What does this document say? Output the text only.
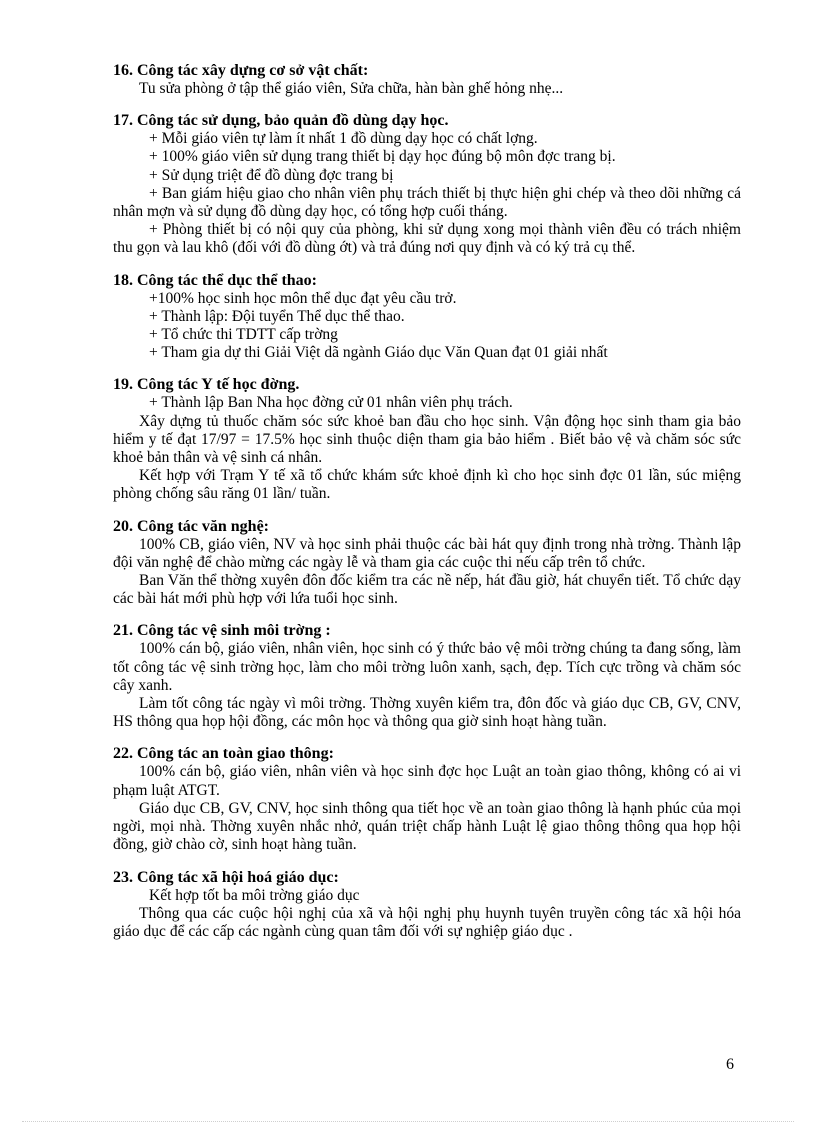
16. Công tác xây dựng cơ sở vật chất:

Tu sửa phòng ở tập thể giáo viên, Sửa chữa, hàn bàn ghế hỏng nhẹ...

17. Công tác sử dụng, bảo quản đồ dùng dạy học.

+ Mỗi giáo viên tự làm ít nhất 1 đồ dùng dạy học có chất lợng.

+ 100% giáo viên sử dụng trang thiết bị dạy học đúng bộ môn đợc trang bị.

+ Sử dụng triệt để đồ dùng đợc trang bị

+ Ban giám hiệu giao cho nhân viên phụ trách thiết bị thực hiện ghi chép và theo dõi những cá nhân mợn và sử dụng đồ dùng dạy học, có tổng hợp cuối tháng.

+ Phòng thiết bị có nội quy của phòng, khi sử dụng xong mọi thành viên đều có trách nhiệm thu gọn và lau khô (đối với đồ dùng ớt) và trả đúng nơi quy định và có ký trả cụ thể.

18. Công tác thể dục thể thao:

+100% học sinh học môn thể dục đạt yêu cầu trở.

+ Thành lập: Đội tuyển Thể dục thể thao.

+ Tổ chức thi TDTT cấp trờng

+ Tham gia dự thi Giải Việt dã ngành Giáo dục Văn Quan đạt 01 giải nhất

19. Công tác Y tế học đờng.

+ Thành lập Ban Nha học đờng cử 01 nhân viên phụ trách.

Xây dựng tủ thuốc chăm sóc sức khoẻ ban đầu cho học sinh. Vận động học sinh tham gia bảo hiểm y tế đạt 17/97 = 17.5% học sinh thuộc diện tham gia bảo hiểm . Biết bảo vệ và chăm sóc sức khoẻ bản thân và vệ sinh cá nhân.

Kết hợp với Trạm Y tế xã tổ chức khám sức khoẻ định kì cho học sinh đợc 01 lần, súc miệng phòng chống sâu răng 01 lần/ tuần.

20. Công tác văn nghệ:

100% CB, giáo viên, NV và học sinh phải thuộc các bài hát quy định trong nhà trờng. Thành lập đội văn nghệ để chào mừng các ngày lễ và tham gia các cuộc thi nếu cấp trên tổ chức.

Ban Văn thể thờng xuyên đôn đốc kiểm tra các nề nếp, hát đầu giờ, hát chuyển tiết. Tổ chức dạy các bài hát mới phù hợp với lứa tuổi học sinh.

21. Công tác vệ sinh môi trờng :

100% cán bộ, giáo viên, nhân viên, học sinh có ý thức bảo vệ môi trờng chúng ta đang sống, làm tốt công tác vệ sinh trờng học, làm cho môi trờng luôn xanh, sạch, đẹp. Tích cực trồng và chăm sóc cây xanh.

Làm tốt công tác ngày vì môi trờng. Thờng xuyên kiểm tra, đôn đốc và giáo dục CB, GV, CNV, HS thông qua họp hội đồng, các môn học và thông qua giờ sinh hoạt hàng tuần.

22. Công tác an toàn giao thông:

100% cán bộ, giáo viên, nhân viên và học sinh đợc học Luật an toàn giao thông, không có ai vi phạm luật ATGT.

Giáo dục CB, GV, CNV, học sinh thông qua tiết học về an toàn giao thông là hạnh phúc của mọi ngời, mọi nhà. Thờng xuyên nhắc nhở, quán triệt chấp hành Luật lệ giao thông thông qua họp hội đồng, giờ chào cờ, sinh hoạt hàng tuần.

23. Công tác xã hội hoá giáo dục:

Kết hợp tốt ba môi trờng giáo dục

Thông qua các cuộc hội nghị của xã và hội nghị phụ huynh tuyên truyền công tác xã hội hóa giáo dục để các cấp các ngành cùng quan tâm đối với sự nghiệp giáo dục .

6
